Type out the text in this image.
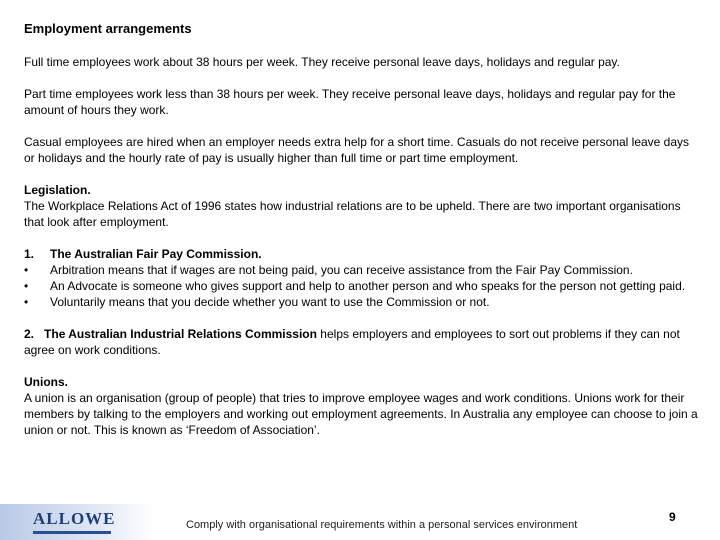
Employment arrangements

Full time employees work about 38 hours per week. They receive personal leave days, holidays and regular pay.

Part time employees work less than 38 hours per week. They receive personal leave days, holidays and regular pay for the amount of hours they work.

Casual employees are hired when an employer needs extra help for a short time. Casuals do not receive personal leave days or holidays and the hourly rate of pay is usually higher than full time or part time employment.

Legislation.
The Workplace Relations Act of 1996 states how industrial relations are to be upheld. There are two important organisations that look after employment.

1.	The Australian Fair Pay Commission.
•	Arbitration means that if wages are not being paid, you can receive assistance from the Fair Pay Commission.
•	An Advocate is someone who gives support and help to another person and who speaks for the person not getting paid.
•	Voluntarily means that you decide whether you want to use the Commission or not.

2. The Australian Industrial Relations Commission helps employers and employees to sort out problems if they can not agree on work conditions.

Unions.
A union is an organisation (group of people) that tries to improve employee wages and work conditions. Unions work for their members by talking to the employers and working out employment agreements. In Australia any employee can choose to join a union or not. This is known as ‘Freedom of Association’.

ALLOWE	Comply with organisational requirements within a personal services environment
9
